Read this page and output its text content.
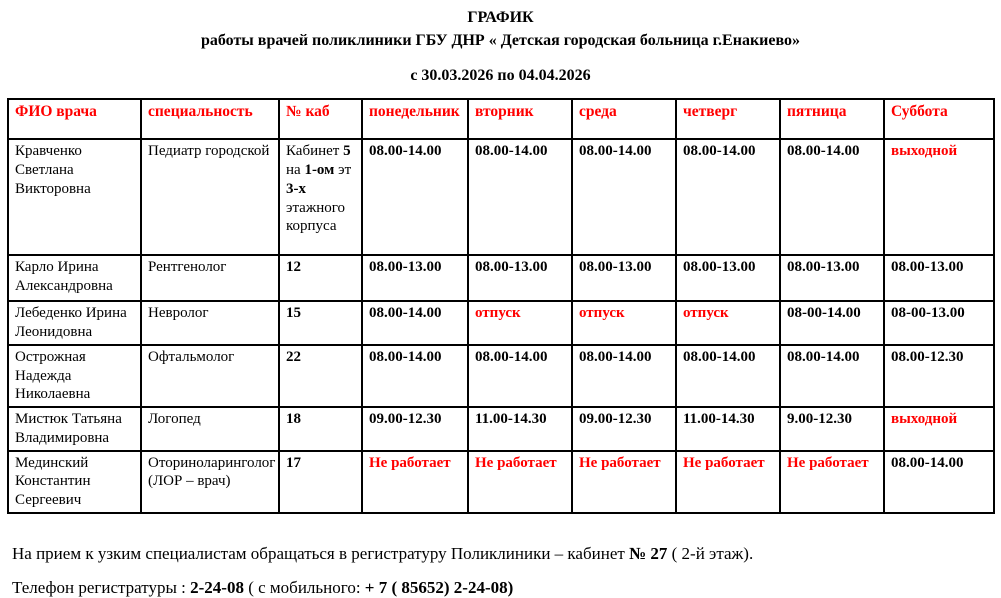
ГРАФИК
работы врачей поликлиники ГБУ ДНР « Детская городская больница г.Енакиево»
с 30.03.2026 по 04.04.2026
ФИО врача	специальность	№ каб	понедельник	вторник	среда	четверг	пятница	Суббота
Кравченко Светлана Викторовна	Педиатр городской	Кабинет 5 на 1-ом эт 3-х этажного корпуса	08.00-14.00	08.00-14.00	08.00-14.00	08.00-14.00	08.00-14.00	выходной
Карло Ирина Александровна	Рентгенолог	12	08.00-13.00	08.00-13.00	08.00-13.00	08.00-13.00	08.00-13.00	08.00-13.00
Лебеденко Ирина Леонидовна	Невролог	15	08.00-14.00	отпуск	отпуск	отпуск	08-00-14.00	08-00-13.00
Острожная Надежда Николаевна	Офтальмолог	22	08.00-14.00	08.00-14.00	08.00-14.00	08.00-14.00	08.00-14.00	08.00-12.30
Мистюк Татьяна Владимировна	Логопед	18	09.00-12.30	11.00-14.30	09.00-12.30	11.00-14.30	9.00-12.30	выходной
Мединский Константин Сергеевич	Оториноларинголог (ЛОР – врач)	17	Не работает	Не работает	Не работает	Не работает	Не работает	08.00-14.00
На прием к узким специалистам обращаться в регистратуру Поликлиники – кабинет № 27 ( 2-й этаж).
Телефон регистратуры : 2-24-08 ( с мобильного: + 7 ( 85652) 2-24-08)
